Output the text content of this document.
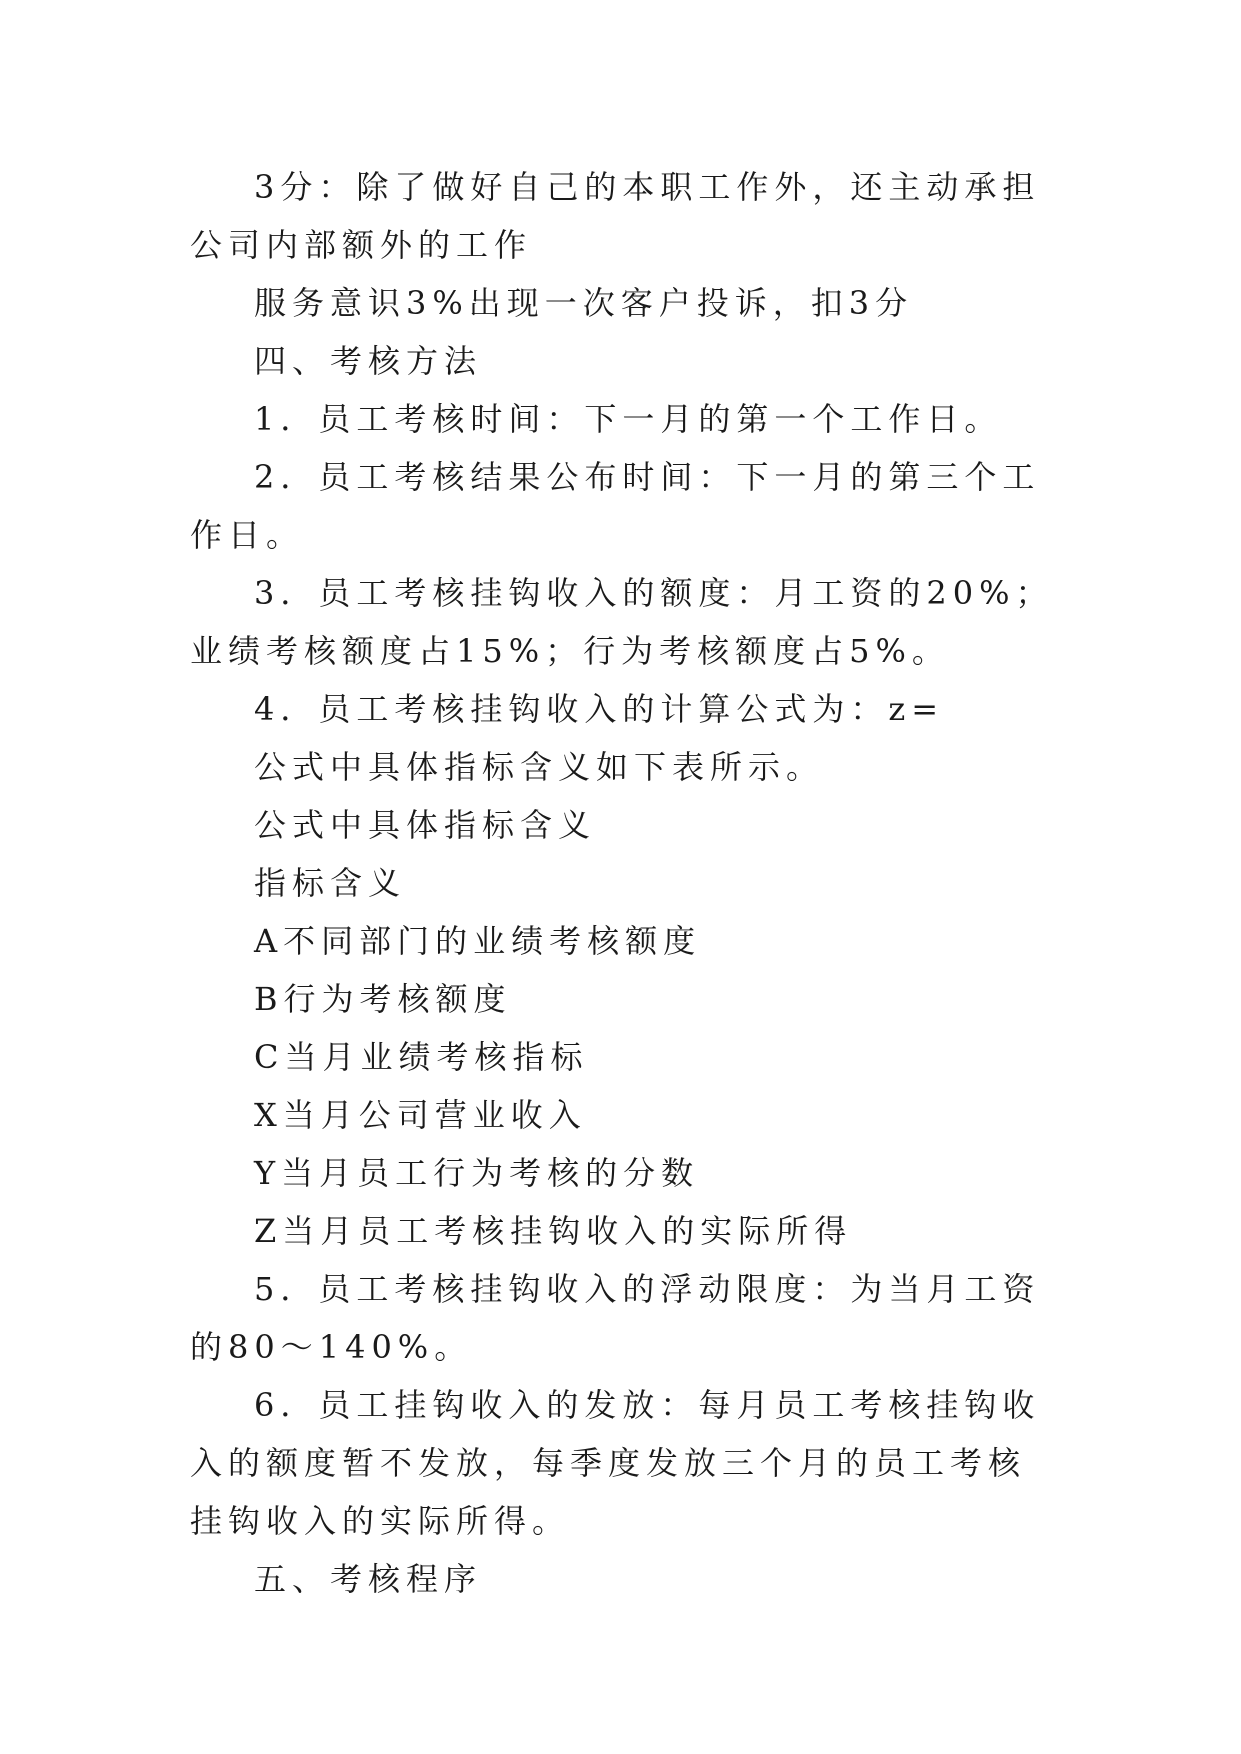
3分：除了做好自己的本职工作外，还主动承担公司内部额外的工作

服务意识3%出现一次客户投诉，扣3分

四、考核方法

1．员工考核时间：下一月的第一个工作日。

2．员工考核结果公布时间：下一月的第三个工作日。

3．员工考核挂钩收入的额度：月工资的20%；业绩考核额度占15%；行为考核额度占5%。

4．员工考核挂钩收入的计算公式为：z=

公式中具体指标含义如下表所示。

公式中具体指标含义

指标含义

A不同部门的业绩考核额度

B行为考核额度

C当月业绩考核指标

X当月公司营业收入

Y当月员工行为考核的分数

Z当月员工考核挂钩收入的实际所得

5．员工考核挂钩收入的浮动限度：为当月工资的80～140%。

6．员工挂钩收入的发放：每月员工考核挂钩收入的额度暂不发放，每季度发放三个月的员工考核挂钩收入的实际所得。

五、考核程序
